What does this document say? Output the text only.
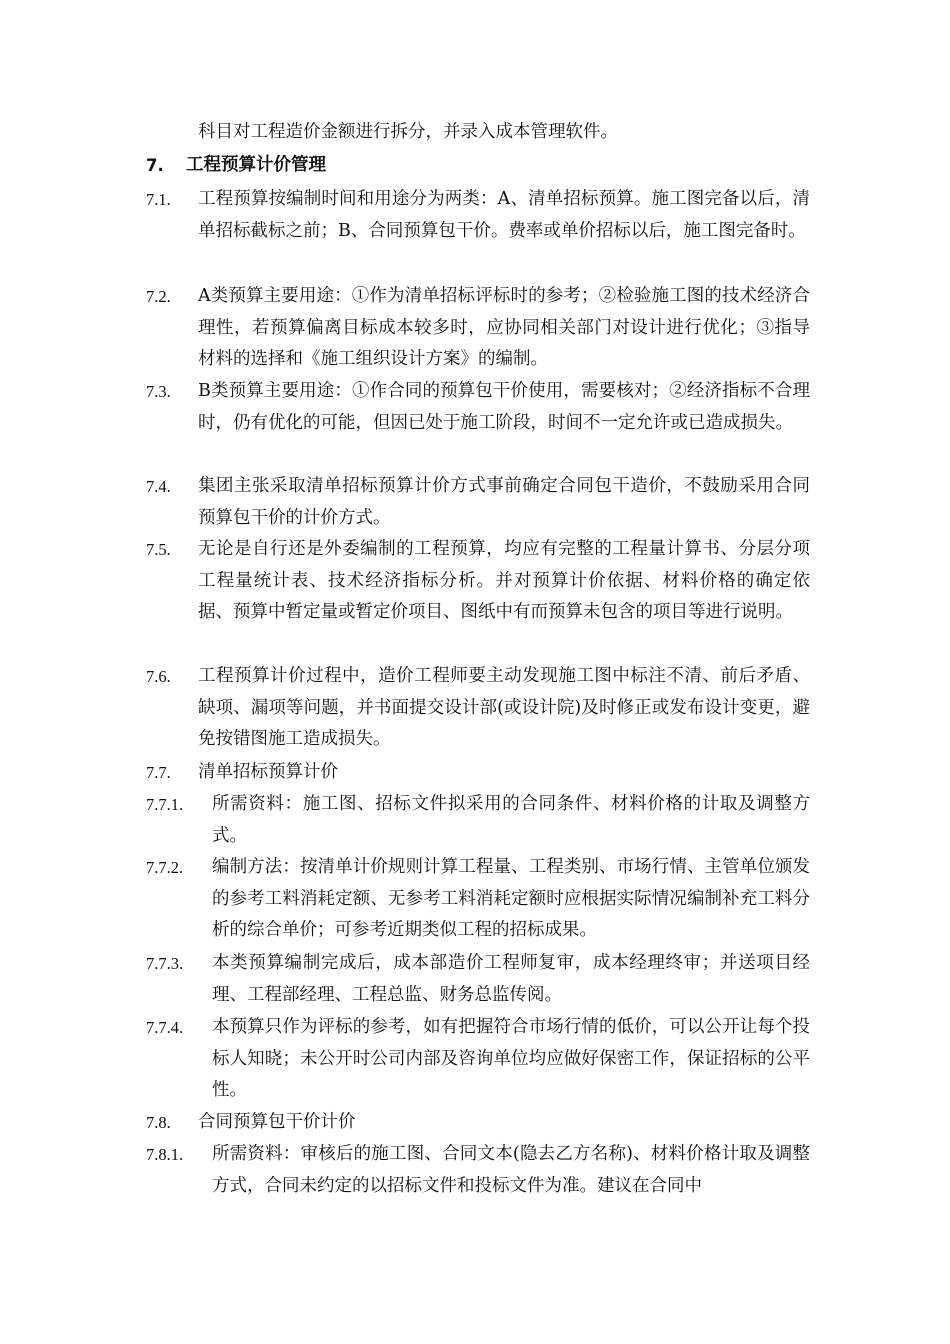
科目对工程造价金额进行拆分，并录入成本管理软件。
7. 工程预算计价管理
7.1. 工程预算按编制时间和用途分为两类：A、清单招标预算。施工图完备以后，清单招标截标之前；B、合同预算包干价。费率或单价招标以后，施工图完备时。
7.2. A类预算主要用途：①作为清单招标评标时的参考；②检验施工图的技术经济合理性，若预算偏离目标成本较多时，应协同相关部门对设计进行优化；③指导材料的选择和《施工组织设计方案》的编制。
7.3. B类预算主要用途：①作合同的预算包干价使用，需要核对；②经济指标不合理时，仍有优化的可能，但因已处于施工阶段，时间不一定允许或已造成损失。
7.4. 集团主张采取清单招标预算计价方式事前确定合同包干造价，不鼓励采用合同预算包干价的计价方式。
7.5. 无论是自行还是外委编制的工程预算，均应有完整的工程量计算书、分层分项工程量统计表、技术经济指标分析。并对预算计价依据、材料价格的确定依据、预算中暂定量或暂定价项目、图纸中有而预算未包含的项目等进行说明。
7.6. 工程预算计价过程中，造价工程师要主动发现施工图中标注不清、前后矛盾、缺项、漏项等问题，并书面提交设计部(或设计院)及时修正或发布设计变更，避免按错图施工造成损失。
7.7. 清单招标预算计价
7.7.1. 所需资料：施工图、招标文件拟采用的合同条件、材料价格的计取及调整方式。
7.7.2. 编制方法：按清单计价规则计算工程量、工程类别、市场行情、主管单位颁发的参考工料消耗定额、无参考工料消耗定额时应根据实际情况编制补充工料分析的综合单价；可参考近期类似工程的招标成果。
7.7.3. 本类预算编制完成后，成本部造价工程师复审，成本经理终审；并送项目经理、工程部经理、工程总监、财务总监传阅。
7.7.4. 本预算只作为评标的参考，如有把握符合市场行情的低价，可以公开让每个投标人知晓；未公开时公司内部及咨询单位均应做好保密工作，保证招标的公平性。
7.8. 合同预算包干价计价
7.8.1. 所需资料：审核后的施工图、合同文本(隐去乙方名称)、材料价格计取及调整方式，合同未约定的以招标文件和投标文件为准。建议在合同中
